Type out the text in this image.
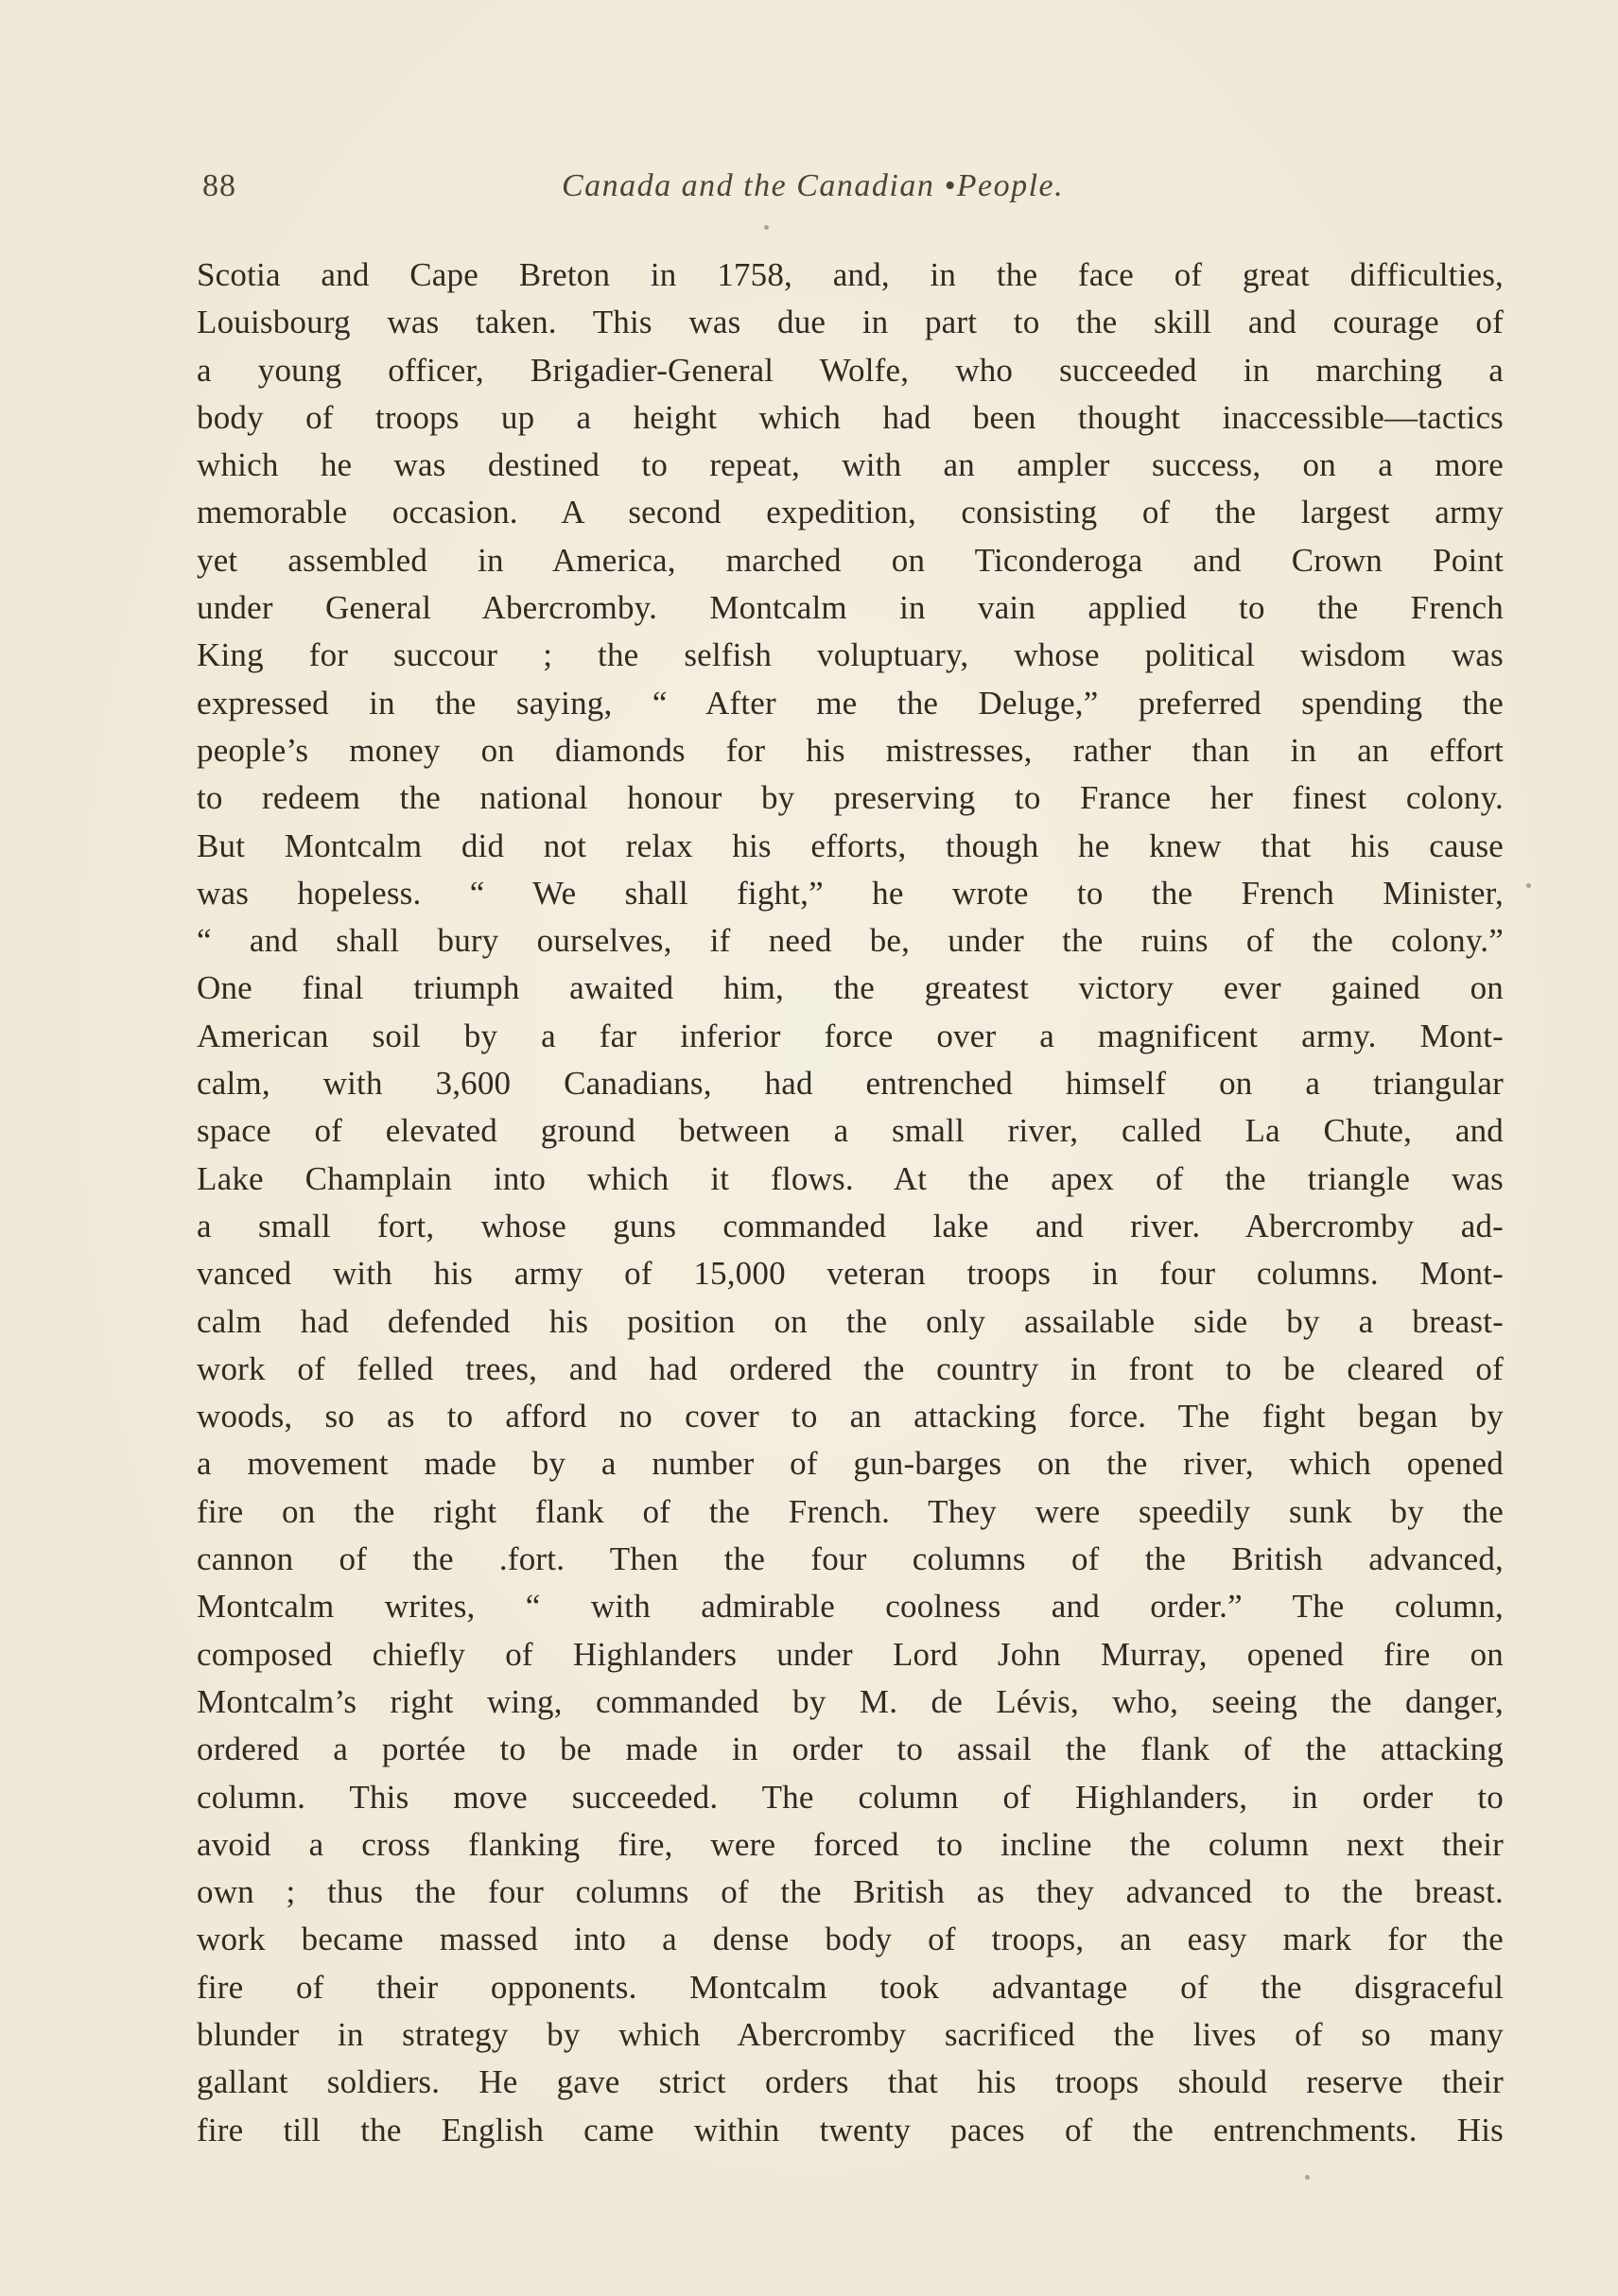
88	Canada and the Canadian •People.
Scotia and Cape Breton in 1758, and, in the face of great difficulties,
Louisbourg was taken. This was due in part to the skill and courage of
a young officer, Brigadier-General Wolfe, who succeeded in marching a
body of troops up a height which had been thought inaccessible—tactics
which he was destined to repeat, with an ampler success, on a more
memorable occasion. A second expedition, consisting of the largest army
yet assembled in America, marched on Ticonderoga and Crown Point
under General Abercromby. Montcalm in vain applied to the French
King for succour ; the selfish voluptuary, whose political wisdom was
expressed in the saying, “ After me the Deluge,” preferred spending the
people’s money on diamonds for his mistresses, rather than in an effort
to redeem the national honour by preserving to France her finest colony.
But Montcalm did not relax his efforts, though he knew that his cause
was hopeless. “ We shall fight,” he wrote to the French Minister,
“ and shall bury ourselves, if need be, under the ruins of the colony.”
One final triumph awaited him, the greatest victory ever gained on
American soil by a far inferior force over a magnificent army. Mont-
calm, with 3,600 Canadians, had entrenched himself on a triangular
space of elevated ground between a small river, called La Chute, and
Lake Champlain into which it flows. At the apex of the triangle was
a small fort, whose guns commanded lake and river. Abercromby ad-
vanced with his army of 15,000 veteran troops in four columns. Mont-
calm had defended his position on the only assailable side by a breast-
work of felled trees, and had ordered the country in front to be cleared of
woods, so as to afford no cover to an attacking force. The fight began by
a movement made by a number of gun-barges on the river, which opened
fire on the right flank of the French. They were speedily sunk by the
cannon of the .fort. Then the four columns of the British advanced,
Montcalm writes, “ with admirable coolness and order.” The column,
composed chiefly of Highlanders under Lord John Murray, opened fire on
Montcalm’s right wing, commanded by M. de Lévis, who, seeing the danger,
ordered a portée to be made in order to assail the flank of the attacking
column. This move succeeded. The column of Highlanders, in order to
avoid a cross flanking fire, were forced to incline the column next their
own ; thus the four columns of the British as they advanced to the breast.
work became massed into a dense body of troops, an easy mark for the
fire of their opponents. Montcalm took advantage of the disgraceful
blunder in strategy by which Abercromby sacrificed the lives of so many
gallant soldiers. He gave strict orders that his troops should reserve their
fire till the English came within twenty paces of the entrenchments. His
